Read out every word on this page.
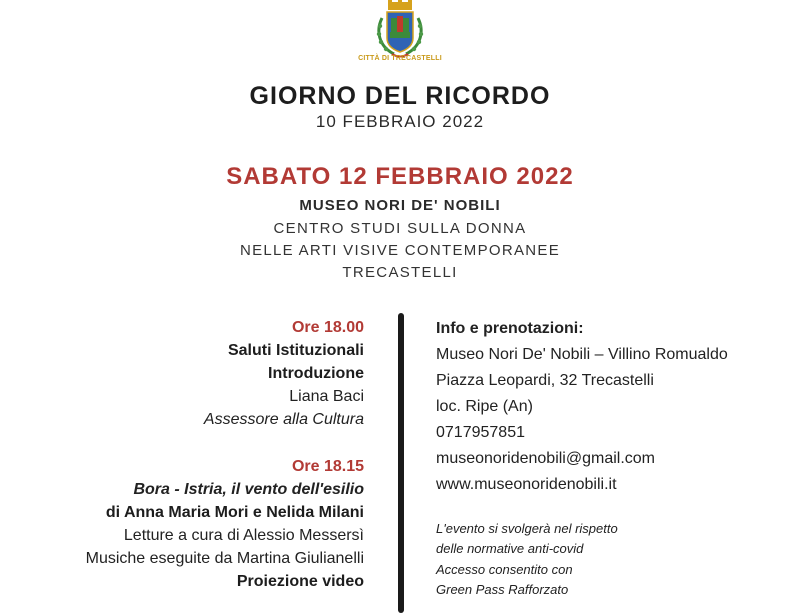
CITTÀ DI TRECASTELLI
GIORNO DEL RICORDO
10 FEBBRAIO 2022
SABATO 12 FEBBRAIO 2022
MUSEO NORI DE' NOBILI
CENTRO STUDI SULLA DONNA
NELLE ARTI VISIVE CONTEMPORANEE
TRECASTELLI
Ore 18.00
Saluti Istituzionali
Introduzione
Liana Baci
Assessore alla Cultura
Ore 18.15
Bora - Istria, il vento dell'esilio
di Anna Maria Mori e Nelida Milani
Letture a cura di Alessio Messersì
Musiche eseguite da Martina Giulianelli
Proiezione video
Info e prenotazioni:
Museo Nori De' Nobili – Villino Romualdo
Piazza Leopardi, 32 Trecastelli
loc. Ripe (An)
0717957851
museonoridenobili@gmail.com
www.museonoridenobili.it
L'evento si svolgerà nel rispetto
delle normative anti-covid
Accesso consentito con
Green Pass Rafforzato
